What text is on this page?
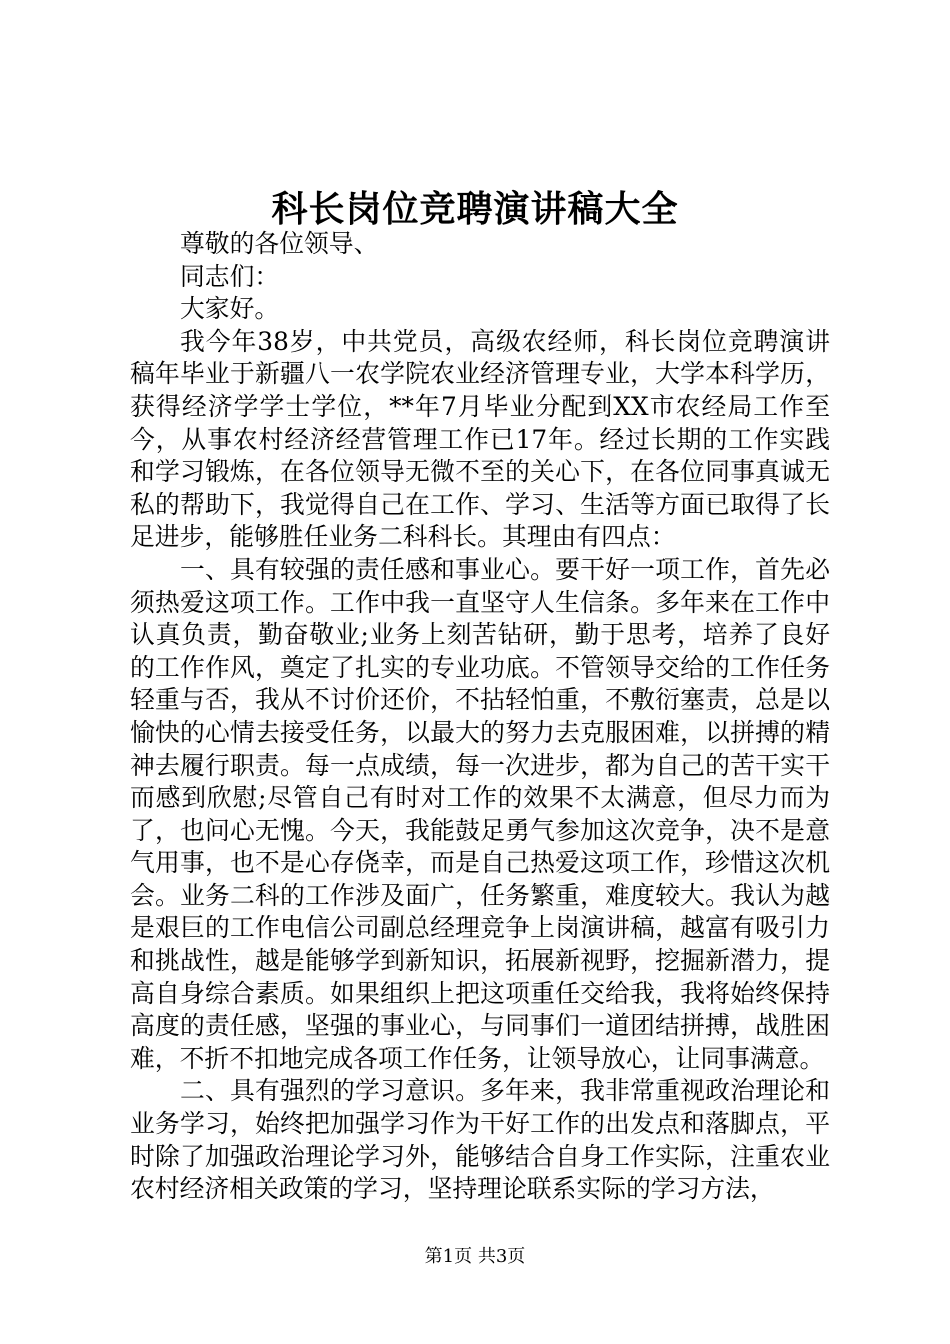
科长岗位竞聘演讲稿大全

尊敬的各位领导、

同志们：

大家好。

我今年38岁，中共党员，高级农经师，科长岗位竞聘演讲稿年毕业于新疆八一农学院农业经济管理专业，大学本科学历，获得经济学学士学位，**年7月毕业分配到XX市农经局工作至今，从事农村经济经营管理工作已17年。经过长期的工作实践和学习锻炼，在各位领导无微不至的关心下，在各位同事真诚无私的帮助下，我觉得自己在工作、学习、生活等方面已取得了长足进步，能够胜任业务二科科长。其理由有四点：

一、具有较强的责任感和事业心。要干好一项工作，首先必须热爱这项工作。工作中我一直坚守人生信条。多年来在工作中认真负责，勤奋敬业;业务上刻苦钻研，勤于思考，培养了良好的工作作风，奠定了扎实的专业功底。不管领导交给的工作任务轻重与否，我从不讨价还价，不拈轻怕重，不敷衍塞责，总是以愉快的心情去接受任务，以最大的努力去克服困难，以拼搏的精神去履行职责。每一点成绩，每一次进步，都为自己的苦干实干而感到欣慰;尽管自己有时对工作的效果不太满意，但尽力而为了，也问心无愧。今天，我能鼓足勇气参加这次竞争，决不是意气用事，也不是心存侥幸，而是自己热爱这项工作，珍惜这次机会。业务二科的工作涉及面广，任务繁重，难度较大。我认为越是艰巨的工作电信公司副总经理竞争上岗演讲稿，越富有吸引力和挑战性，越是能够学到新知识，拓展新视野，挖掘新潜力，提高自身综合素质。如果组织上把这项重任交给我，我将始终保持高度的责任感，坚强的事业心，与同事们一道团结拼搏，战胜困难，不折不扣地完成各项工作任务，让领导放心，让同事满意。

二、具有强烈的学习意识。多年来，我非常重视政治理论和业务学习，始终把加强学习作为干好工作的出发点和落脚点，平时除了加强政治理论学习外，能够结合自身工作实际，注重农业农村经济相关政策的学习，坚持理论联系实际的学习方法，

第1页 共3页
